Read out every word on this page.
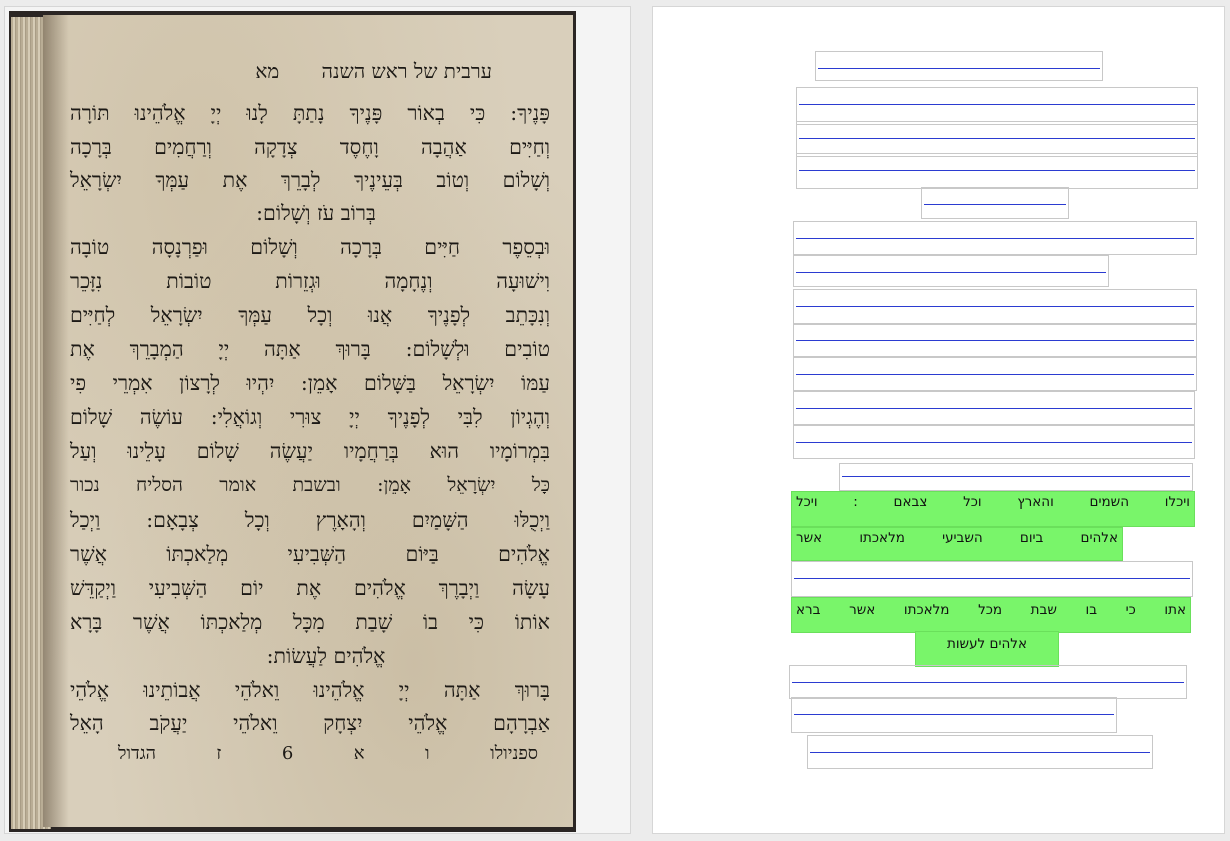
ערבית של ראש השנה מא
פָּנֶיךָ: כִּי בְאוֹר פָּנֶיךָ נָתַתָּ לָנוּ יְיָ אֱלֹהֵינוּ תּוֹרָה
וְחַיִּים אַהֲבָה וָחֶסֶד צְדָקָה וְרַחֲמִים בְּרָכָה
וְשָׁלוֹם וְטוֹב בְּעֵינֶיךָ לְבָרֵךְ אֶת עַמְּךָ יִשְׂרָאֵל
בְּרוֹב עֹז וְשָׁלוֹם:
וּבְסֵפֶר חַיִּים בְּרָכָה וְשָׁלוֹם וּפַרְנָסָה טוֹבָה
וִישׁוּעָה וְנֶחָמָה וּגְזֵרוֹת טוֹבוֹת נִזָּכֵר
וְנִכָּתֵב לְפָנֶיךָ אֲנוּ וְכָל עַמְּךָ יִשְׂרָאֵל לְחַיִּים
טוֹבִים וּלְשָׁלוֹם: בָּרוּךְ אַתָּה יְיָ הַמְבָרֵךְ אֶת
עַמּוֹ יִשְׂרָאֵל בַּשָּׁלוֹם אָמֵן: יִהְיוּ לְרָצוֹן אִמְרֵי פִי
וְהֶגְיוֹן לִבִּי לְפָנֶיךָ יְיָ צוּרִי וְגוֹאֲלִי: עוֹשֶׂה שָׁלוֹם
בִּמְרוֹמָיו הוּא בְּרַחֲמָיו יַעֲשֶׂה שָׁלוֹם עָלֵינוּ וְעַל
כָּל יִשְׂרָאֵל אָמֵן: ובשבת אומר הסליח נכור
וַיְכֻלּוּ הַשָּׁמַיִם וְהָאָרֶץ וְכָל צְבָאָם: וַיְכַל
אֱלֹהִים בַּיּוֹם הַשְּׁבִיעִי מְלַאכְתּוֹ אֲשֶׁר
עָשָׂה וַיְבָרֶךְ אֱלֹהִים אֶת יוֹם הַשְּׁבִיעִי וַיְקַדֵּשׁ
אוֹתוֹ כִּי בוֹ שָׁבַת מִכָּל מְלַאכְתּוֹ אֲשֶׁר בָּרָא
אֱלֹהִים לַעֲשׂוֹת:
בָּרוּךְ אַתָּה יְיָ אֱלֹהֵינוּ וֵאלֹהֵי אֲבוֹתֵינוּ אֱלֹהֵי
אַבְרָהָם אֱלֹהֵי יִצְחָק וֵאלֹהֵי יַעֲקֹב הָאֵל
ספניולו ו א 6 ז הגדול
ויכלו השמים והארץ וכל צבאם : ויכל
אלהים ביום השביעי מלאכתו אשר
אתו כי בו שבת מכל מלאכתו אשר ברא
אלהים לעשות
